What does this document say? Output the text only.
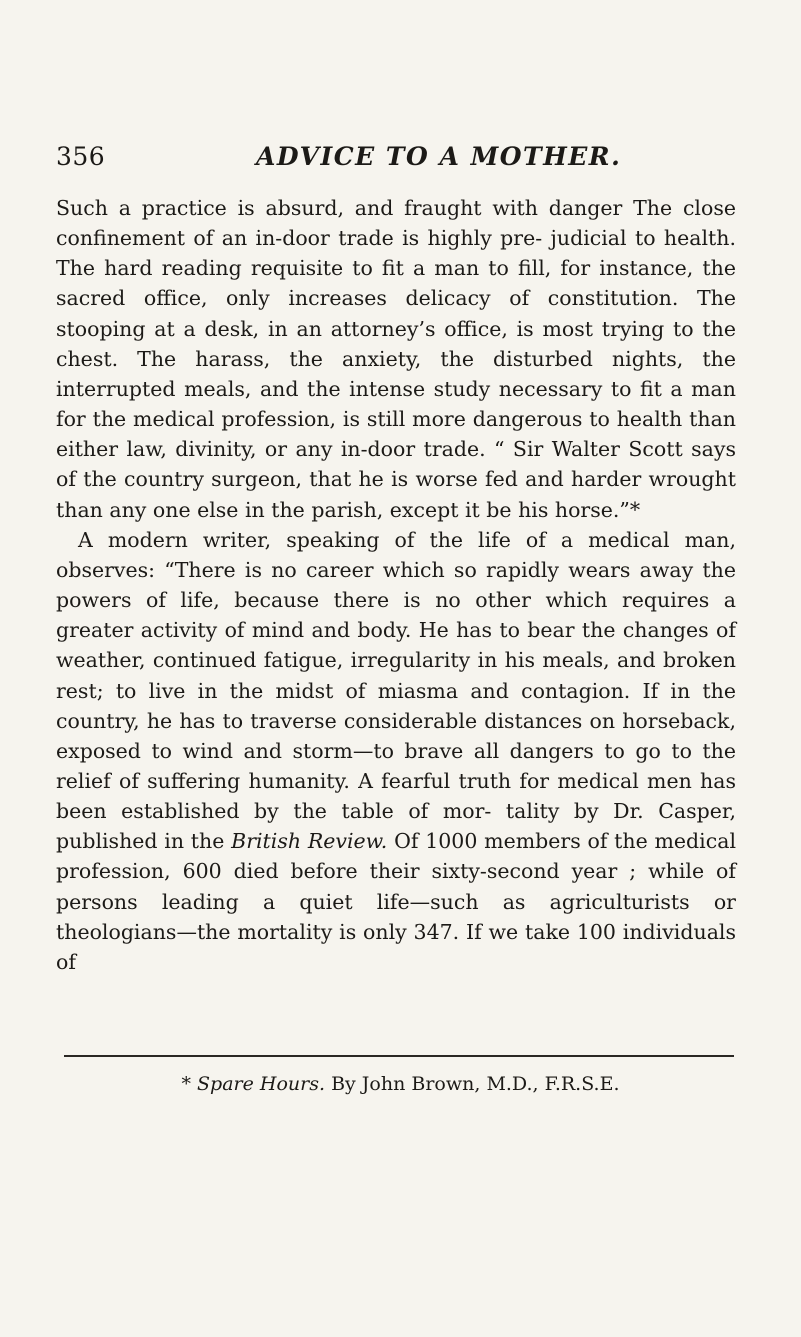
356	ADVICE TO A MOTHER.

Such a practice is absurd, and fraught with danger The close confinement of an in-door trade is highly pre- judicial to health. The hard reading requisite to fit a man to fill, for instance, the sacred office, only increases delicacy of constitution. The stooping at a desk, in an attorney’s office, is most trying to the chest. The harass, the anxiety, the disturbed nights, the interrupted meals, and the intense study necessary to fit a man for the medical profession, is still more dangerous to health than either law, divinity, or any in-door trade. “ Sir Walter Scott says of the country surgeon, that he is worse fed and harder wrought than any one else in the parish, except it be his horse.”*

A modern writer, speaking of the life of a medical man, observes: “There is no career which so rapidly wears away the powers of life, because there is no other which requires a greater activity of mind and body. He has to bear the changes of weather, continued fatigue, irregularity in his meals, and broken rest; to live in the midst of miasma and contagion. If in the country, he has to traverse considerable distances on horseback, exposed to wind and storm—to brave all dangers to go to the relief of suffering humanity. A fearful truth for medical men has been established by the table of mor- tality by Dr. Casper, published in the British Review. Of 1000 members of the medical profession, 600 died before their sixty-second year ; while of persons leading a quiet life—such as agriculturists or theologians—the mortality is only 347. If we take 100 individuals of

* Spare Hours. By John Brown, M.D., F.R.S.E.
